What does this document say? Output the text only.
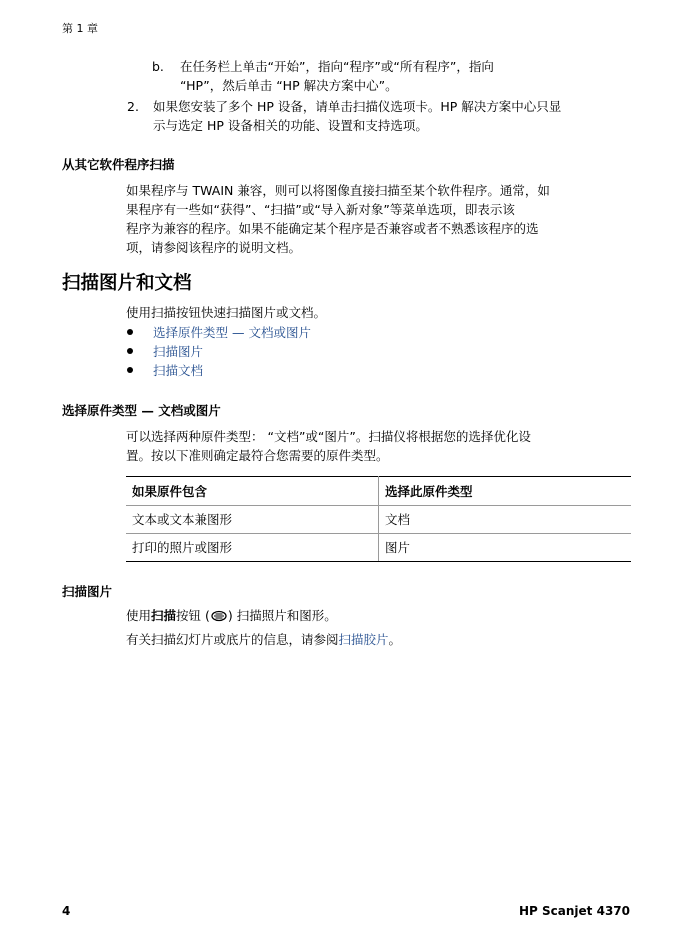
第 1 章
b.	在任务栏上单击“开始”，指向“程序”或“所有程序”，指向
“HP”，然后单击 “HP 解决方案中心”。
2.	如果您安装了多个 HP 设备，请单击扫描仪选项卡。HP 解决方案中心只显
示与选定 HP 设备相关的功能、设置和支持选项。
从其它软件程序扫描
如果程序与 TWAIN 兼容，则可以将图像直接扫描至某个软件程序。通常，如
果程序有一些如“获得”、“扫描”或“导入新对象”等菜单选项，即表示该
程序为兼容的程序。如果不能确定某个程序是否兼容或者不熟悉该程序的选
项，请参阅该程序的说明文档。
扫描图片和文档
使用扫描按钮快速扫描图片或文档。
选择原件类型 — 文档或图片
扫描图片
扫描文档
选择原件类型 — 文档或图片
可以选择两种原件类型： “文档”或“图片”。扫描仪将根据您的选择优化设
置。按以下准则确定最符合您需要的原件类型。
如果原件包含	选择此原件类型
文本或文本兼图形	文档
打印的照片或图形	图片
扫描图片
使用扫描按钮 ( ) 扫描照片和图形。
有关扫描幻灯片或底片的信息，请参阅扫描胶片。
4	HP Scanjet 4370
